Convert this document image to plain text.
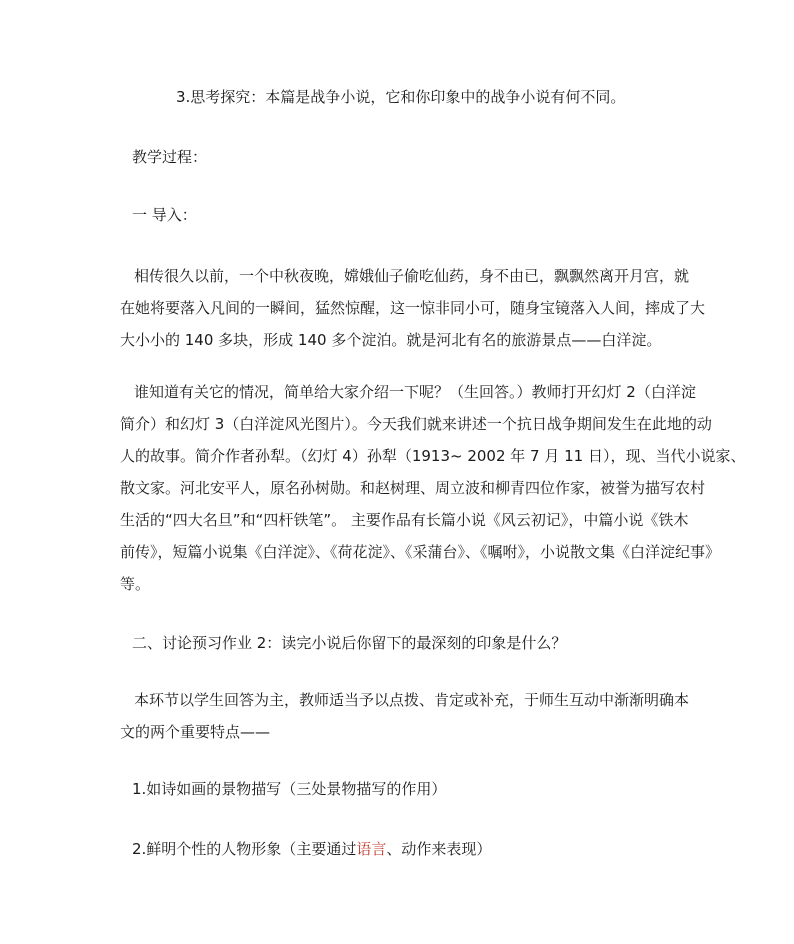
3.思考探究：本篇是战争小说，它和你印象中的战争小说有何不同。
教学过程：
一 导入：
相传很久以前，一个中秋夜晚，嫦娥仙子偷吃仙药，身不由已，飘飘然离开月宫，就
在她将要落入凡间的一瞬间，猛然惊醒，这一惊非同小可，随身宝镜落入人间，摔成了大
大小小的 140 多块，形成 140 多个淀泊。就是河北有名的旅游景点——白洋淀。
谁知道有关它的情况，简单给大家介绍一下呢？（生回答。）教师打开幻灯 2（白洋淀
简介）和幻灯 3（白洋淀风光图片）。今天我们就来讲述一个抗日战争期间发生在此地的动
人的故事。简介作者孙犁。（幻灯 4）孙犁（1913~ 2002 年 7 月 11 日），现、当代小说家、
散文家。河北安平人，原名孙树勋。和赵树理、周立波和柳青四位作家，被誉为描写农村
生活的“四大名旦”和“四杆铁笔”。 主要作品有长篇小说《风云初记》，中篇小说《铁木
前传》，短篇小说集《白洋淀》、《荷花淀》、《采蒲台》、《嘱咐》，小说散文集《白洋淀纪事》
等。
二、讨论预习作业 2：读完小说后你留下的最深刻的印象是什么？
本环节以学生回答为主，教师适当予以点拨、肯定或补充，于师生互动中渐渐明确本
文的两个重要特点——
1.如诗如画的景物描写（三处景物描写的作用）
2.鲜明个性的人物形象（主要通过语言、动作来表现）
